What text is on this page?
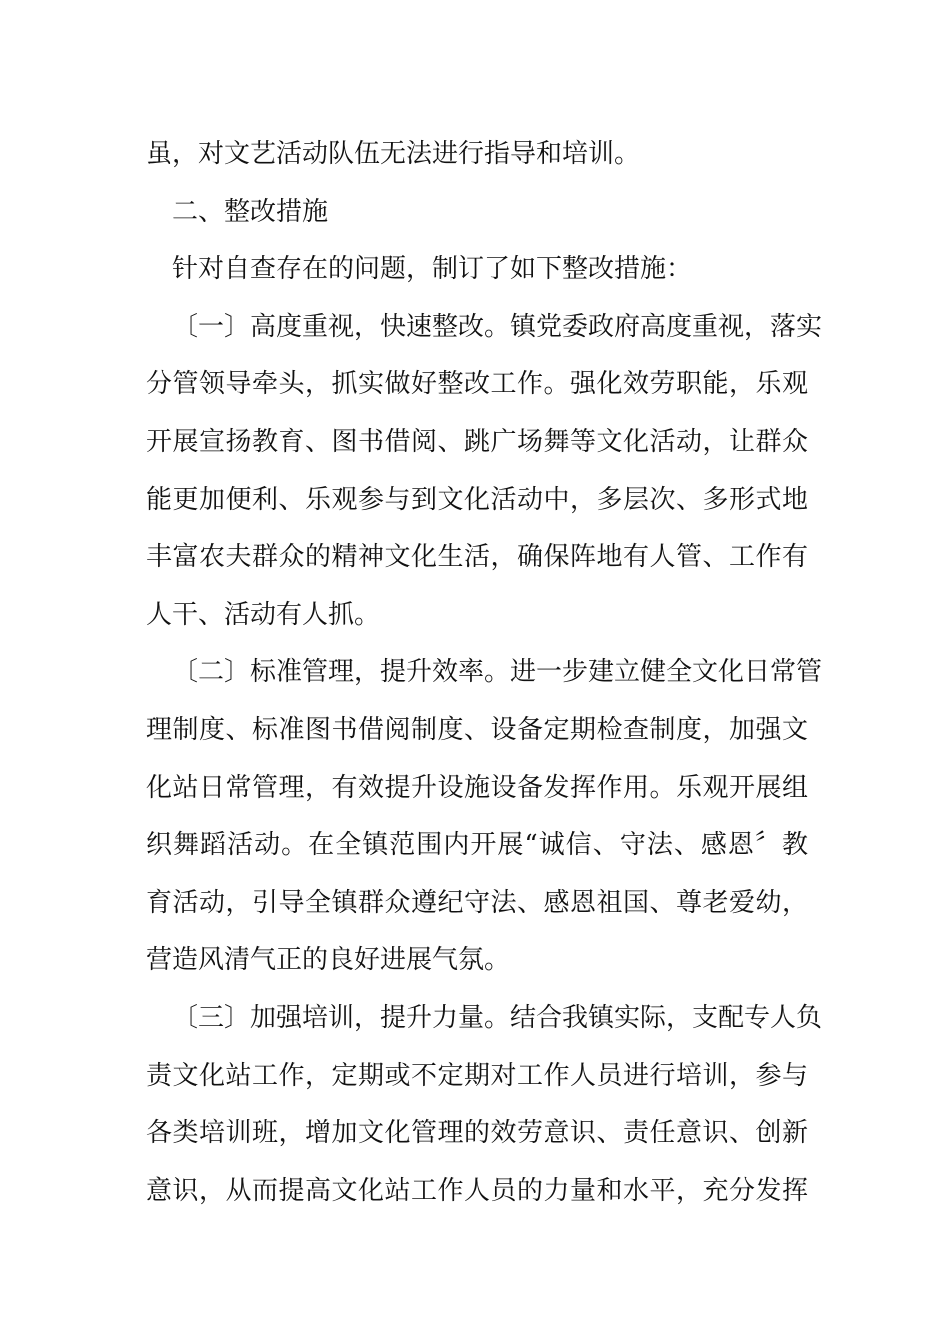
虽，对文艺活动队伍无法进行指导和培训。
二、整改措施
针对自查存在的问题，制订了如下整改措施：
〔一〕高度重视，快速整改。镇党委政府高度重视，落实
分管领导牵头，抓实做好整改工作。强化效劳职能，乐观
开展宣扬教育、图书借阅、跳广场舞等文化活动，让群众
能更加便利、乐观参与到文化活动中，多层次、多形式地
丰富农夫群众的精神文化生活，确保阵地有人管、工作有
人干、活动有人抓。
〔二〕标准管理，提升效率。进一步建立健全文化日常管
理制度、标准图书借阅制度、设备定期检查制度，加强文
化站日常管理，有效提升设施设备发挥作用。乐观开展组
织舞蹈活动。在全镇范围内开展“诚信、守法、感恩〞教
育活动，引导全镇群众遵纪守法、感恩祖国、尊老爱幼，
营造风清气正的良好进展气氛。
〔三〕加强培训，提升力量。结合我镇实际，支配专人负
责文化站工作，定期或不定期对工作人员进行培训，参与
各类培训班，增加文化管理的效劳意识、责任意识、创新
意识，从而提高文化站工作人员的力量和水平，充分发挥
